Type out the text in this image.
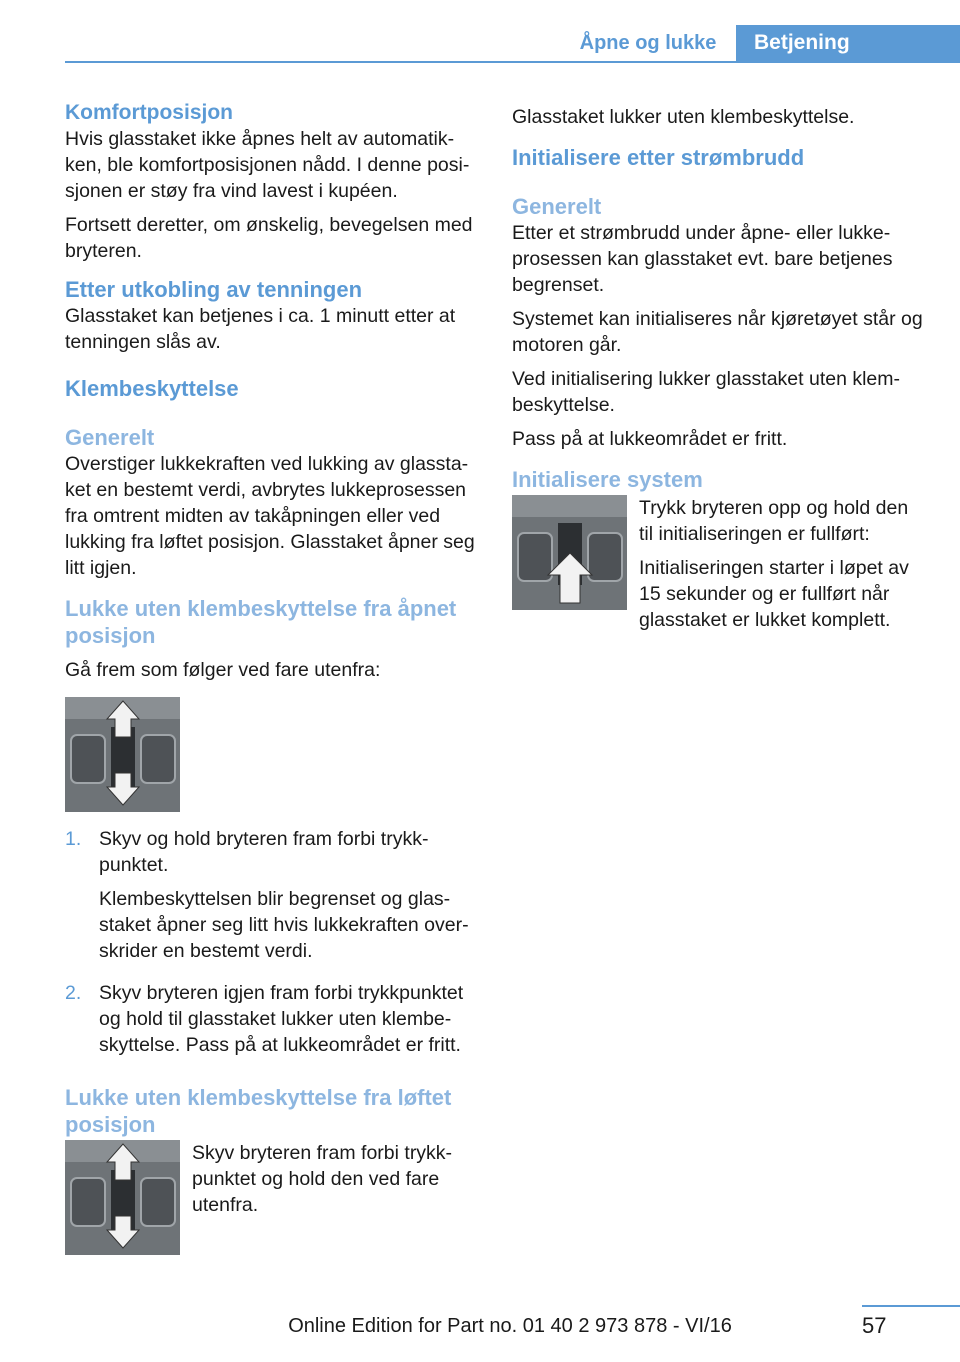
Åpne og lukke	Betjening
Komfortposisjon

Hvis glasstaket ikke åpnes helt av automatik-ken, ble komfortposisjonen nådd. I denne posi-sjonen er støy fra vind lavest i kupéen.

Fortsett deretter, om ønskelig, bevegelsen med bryteren.

Etter utkobling av tenningen

Glasstaket kan betjenes i ca. 1 minutt etter at tenningen slås av.

Klembeskyttelse
Generelt

Overstiger lukkekraften ved lukking av glassta-ket en bestemt verdi, avbrytes lukkeprosessen fra omtrent midten av takåpningen eller ved lukking fra løftet posisjon. Glasstaket åpner seg litt igjen.

Lukke uten klembeskyttelse fra åpnet posisjon

Gå frem som følger ved fare utenfra:

1. Skyv og hold bryteren fram forbi trykk-punktet.

Klembeskyttelsen blir begrenset og glas-staket åpner seg litt hvis lukkekraften over-skrider en bestemt verdi.

2. Skyv bryteren igjen fram forbi trykkpunktet og hold til glasstaket lukker uten klembe-skyttelse. Pass på at lukkeområdet er fritt.

Lukke uten klembeskyttelse fra løftet posisjon

Skyv bryteren fram forbi trykk-punktet og hold den ved fare utenfra.

Glasstaket lukker uten klembeskyttelse.

Initialisere etter strømbrudd
Generelt

Etter et strømbrudd under åpne- eller lukke-prosessen kan glasstaket evt. bare betjenes begrenset.

Systemet kan initialiseres når kjøretøyet står og motoren går.

Ved initialisering lukker glasstaket uten klem-beskyttelse.

Pass på at lukkeområdet er fritt.

Initialisere system

Trykk bryteren opp og hold den til initialiseringen er fullført:

Initialiseringen starter i løpet av 15 sekunder og er fullført når glasstaket er lukket komplett.

57
Online Edition for Part no. 01 40 2 973 878 - VI/16
